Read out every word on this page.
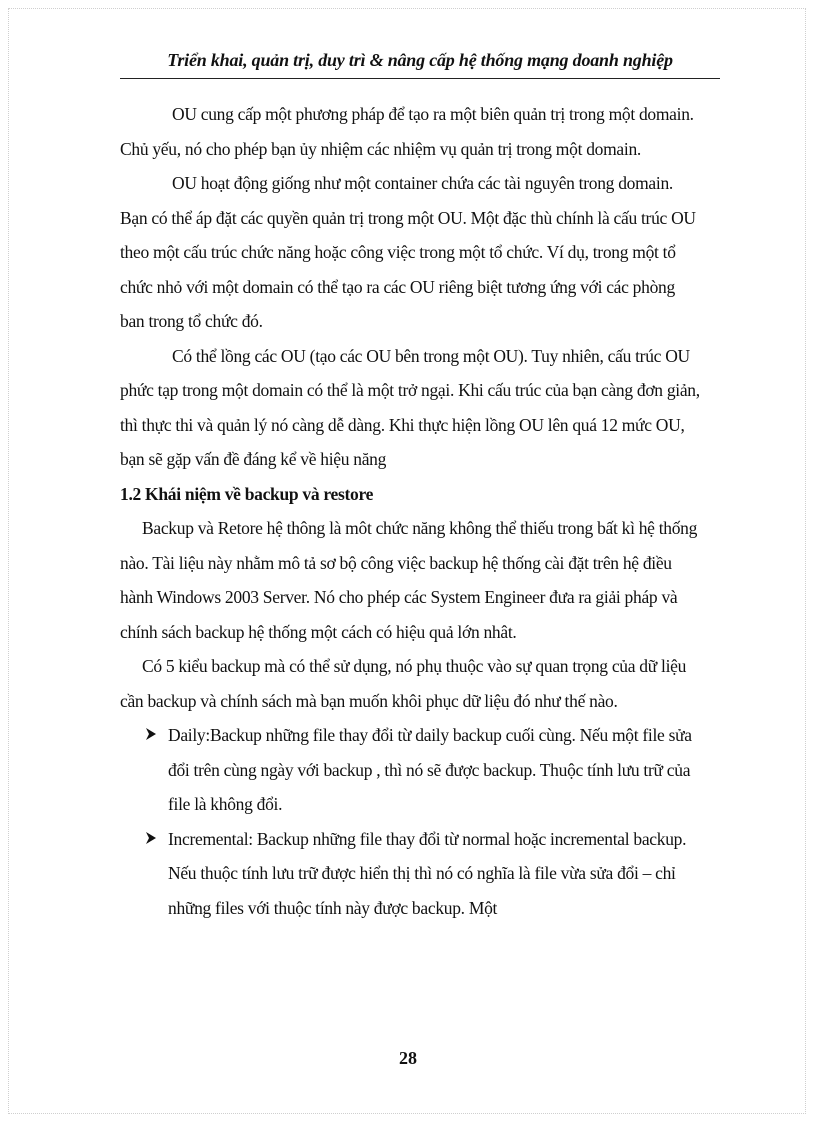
Triển khai, quản trị, duy trì & nâng cấp hệ thống mạng doanh nghiệp

OU cung cấp một phương pháp để tạo ra một biên quản trị trong một domain. Chủ yếu, nó cho phép bạn ủy nhiệm các nhiệm vụ quản trị trong một domain.

OU hoạt động giống như một container chứa các tài nguyên trong domain. Bạn có thể áp đặt các quyền quản trị trong một OU. Một đặc thù chính là cấu trúc OU theo một cấu trúc chức năng hoặc công việc trong một tổ chức. Ví dụ, trong một tổ chức nhỏ với một domain có thể tạo ra các OU riêng biệt tương ứng với các phòng ban trong tổ chức đó.

Có thể lồng các OU (tạo các OU bên trong một OU). Tuy nhiên, cấu trúc OU phức tạp trong một domain có thể là một trở ngại. Khi cấu trúc của bạn càng đơn giản, thì thực thi và quản lý nó càng dễ dàng. Khi thực hiện lồng OU lên quá 12 mức OU, bạn sẽ gặp vấn đề đáng kể về hiệu năng

1.2 Khái niệm về backup và restore

Backup và Retore hệ thông là môt chức năng không thể thiếu trong bất kì hệ thống nào. Tài liệu này nhằm mô tả sơ bộ công việc backup hệ thống cài đặt trên hệ điều hành Windows 2003 Server. Nó cho phép các System Engineer đưa ra giải pháp và chính sách backup hệ thống một cách có hiệu quả lớn nhât.

Có 5 kiểu backup mà có thể sử dụng, nó phụ thuộc vào sự quan trọng của dữ liệu cần backup và chính sách mà bạn muốn khôi phục dữ liệu đó như thế nào.

Daily:Backup những file thay đổi từ daily backup cuối cùng. Nếu một file sửa đổi trên cùng ngày với backup , thì nó sẽ được backup. Thuộc tính lưu trữ của file là không đổi.
Incremental: Backup những file thay đổi từ normal hoặc incremental backup. Nếu thuộc tính lưu trữ được hiển thị thì nó có nghĩa là file vừa sửa đổi – chỉ những files với thuộc tính này được backup. Một
28
